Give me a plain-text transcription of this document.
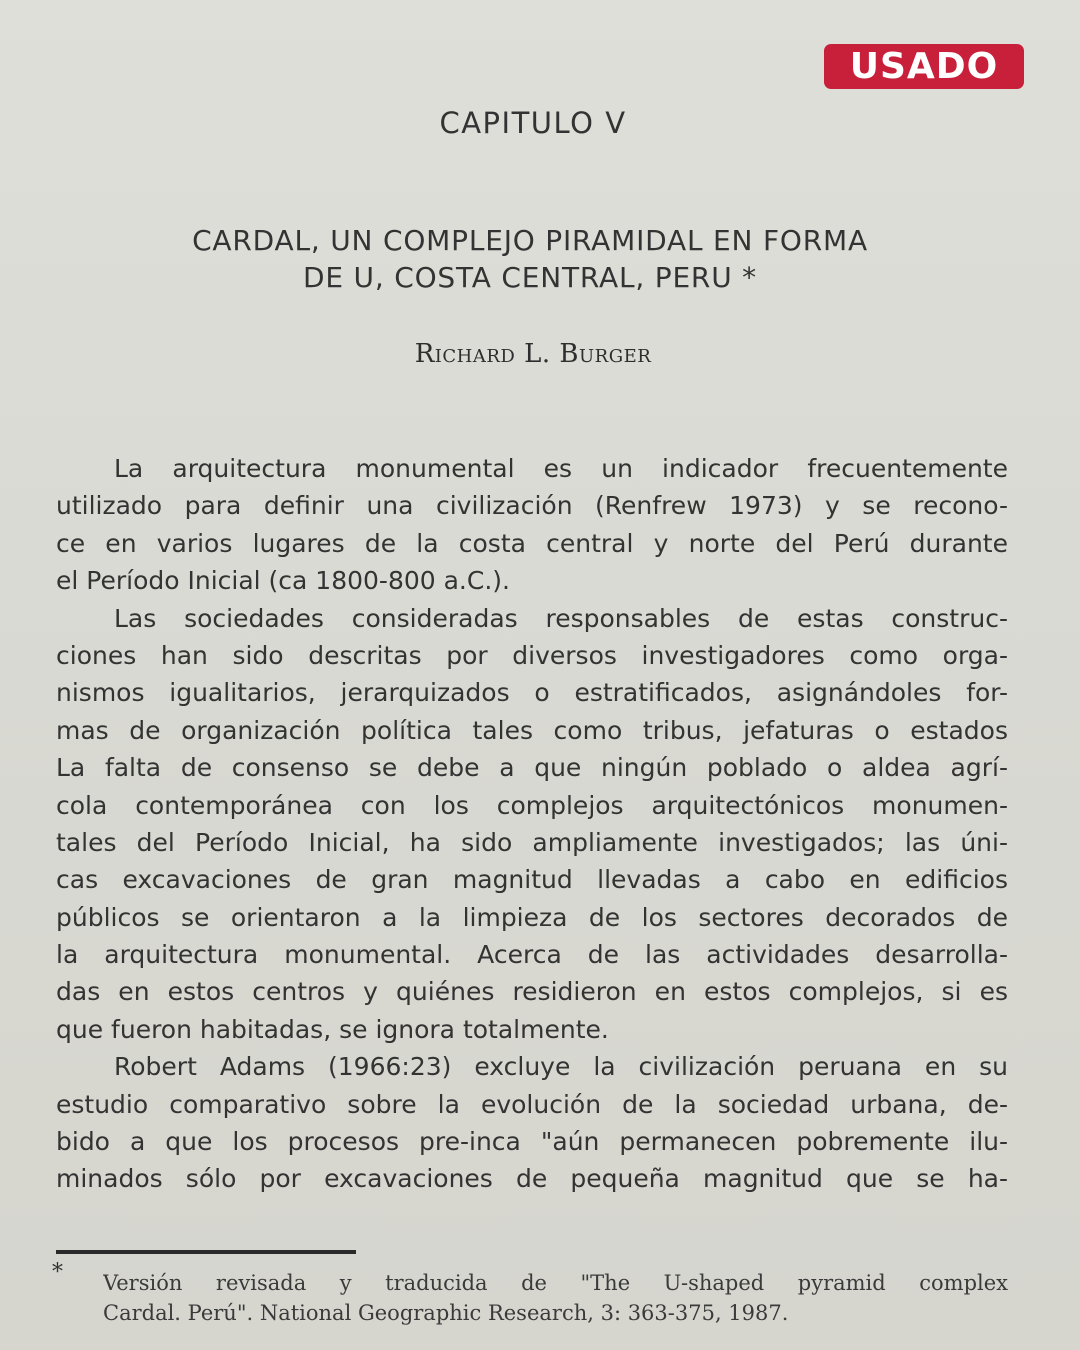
USADO
CAPITULO V
CARDAL, UN COMPLEJO PIRAMIDAL EN FORMA
DE U, COSTA CENTRAL, PERU *
Richard L. Burger
La arquitectura monumental es un indicador frecuentemente
utilizado para definir una civilización (Renfrew 1973) y se recono-
ce en varios lugares de la costa central y norte del Perú durante
el Período Inicial (ca 1800-800 a.C.).
Las sociedades consideradas responsables de estas construc-
ciones han sido descritas por diversos investigadores como orga-
nismos igualitarios, jerarquizados o estratificados, asignándoles for-
mas de organización política tales como tribus, jefaturas o estados
La falta de consenso se debe a que ningún poblado o aldea agrí-
cola contemporánea con los complejos arquitectónicos monumen-
tales del Período Inicial, ha sido ampliamente investigados; las úni-
cas excavaciones de gran magnitud llevadas a cabo en edificios
públicos se orientaron a la limpieza de los sectores decorados de
la arquitectura monumental. Acerca de las actividades desarrolla-
das en estos centros y quiénes residieron en estos complejos, si es
que fueron habitadas, se ignora totalmente.
Robert Adams (1966:23) excluye la civilización peruana en su
estudio comparativo sobre la evolución de la sociedad urbana, de-
bido a que los procesos pre-inca "aún permanecen pobremente ilu-
minados sólo por excavaciones de pequeña magnitud que se ha-
* Versión revisada y traducida de "The U-shaped pyramid complex
Cardal. Perú". National Geographic Research, 3: 363-375, 1987.
